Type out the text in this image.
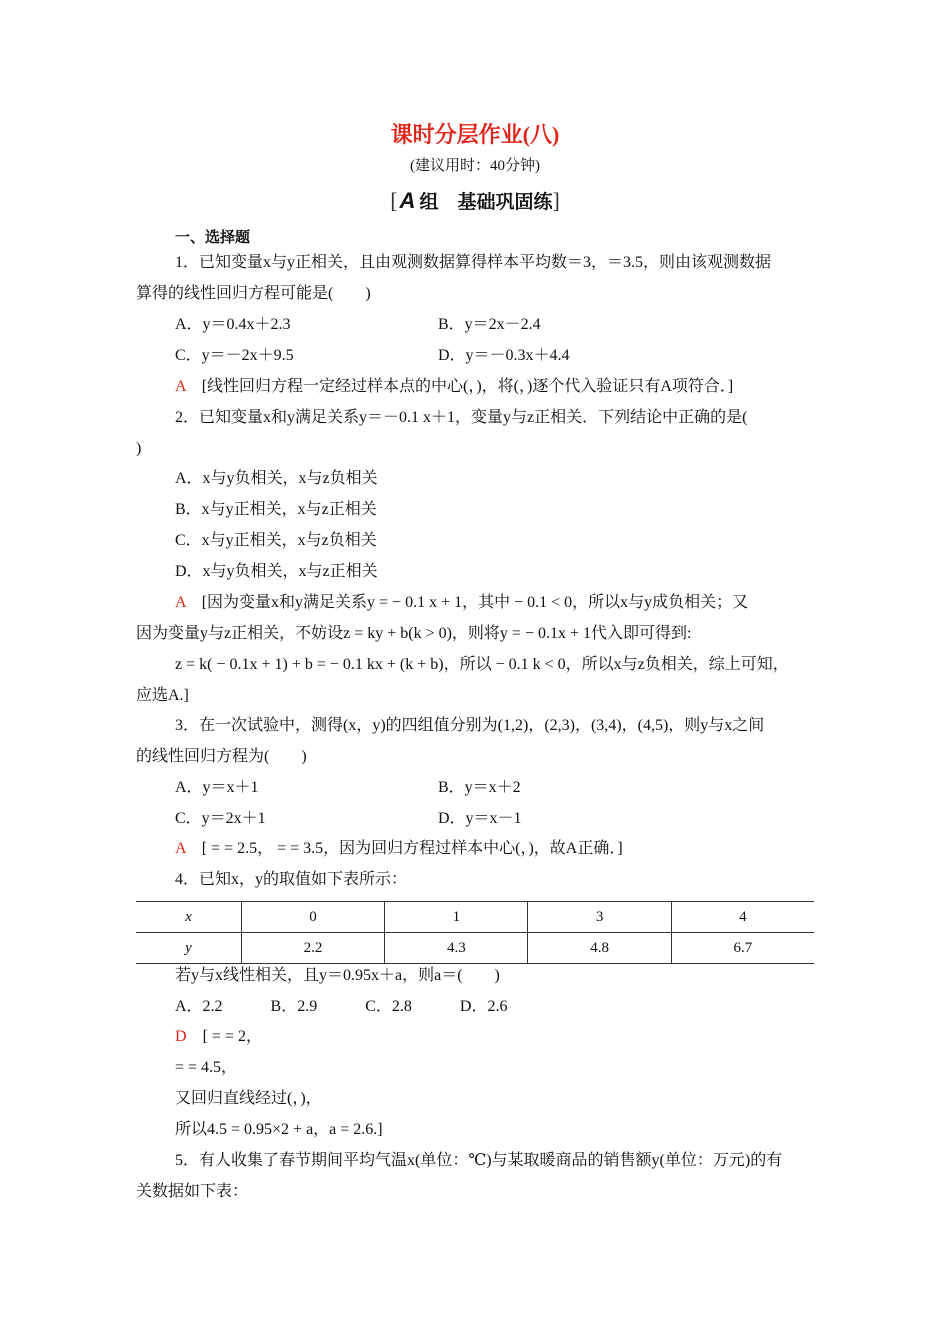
课时分层作业(八)
(建议用时：40分钟)
[A 组　基础巩固练]
一、选择题
1．已知变量x与y正相关，且由观测数据算得样本平均数＝3，＝3.5，则由该观测数据
算得的线性回归方程可能是(　　)
A．y＝0.4x＋2.3	B．y＝2x－2.4
C．y＝－2x＋9.5	D．y＝－0.3x＋4.4
A　 [线性回归方程一定经过样本点的中心(，)，将(，)逐个代入验证只有A项符合．]
2．已知变量x和y满足关系y＝－0.1 x＋1，变量y与z正相关．下列结论中正确的是(
)
A．x与y负相关，x与z负相关
B．x与y正相关，x与z正相关
C．x与y正相关，x与z负相关
D．x与y负相关，x与z正相关
A　 [因为变量x和y满足关系y = − 0.1 x + 1，其中 − 0.1 < 0，所以x与y成负相关；又
因为变量y与z正相关，不妨设z = ky + b(k > 0)，则将y = − 0.1x + 1代入即可得到:
z = k( − 0.1x + 1) + b = − 0.1 kx + (k + b)，所以 − 0.1 k < 0，所以x与z负相关，综上可知，
应选A.]
3．在一次试验中，测得(x，y)的四组值分别为(1,2)，(2,3)，(3,4)，(4,5)，则y与x之间
的线性回归方程为(　　)
A．y＝x＋1	B．y＝x＋2
C．y＝2x＋1	D．y＝x－1
A　 [ = = 2.5， = = 3.5，因为回归方程过样本中心(，)，故A正确．]
4．已知x，y的取值如下表所示：
x	0	1	3	4
y	2.2	4.3	4.8	6.7
若y与x线性相关，且y＝0.95x＋a，则a＝(　　)
A．2.2　　　B．2.9　　　C．2.8　　　D．2.6
D　 [ = = 2，
= = 4.5，
又回归直线经过(，)，
所以4.5 = 0.95×2 + a，a = 2.6.]
5．有人收集了春节期间平均气温x(单位：℃)与某取暖商品的销售额y(单位：万元)的有
关数据如下表：
